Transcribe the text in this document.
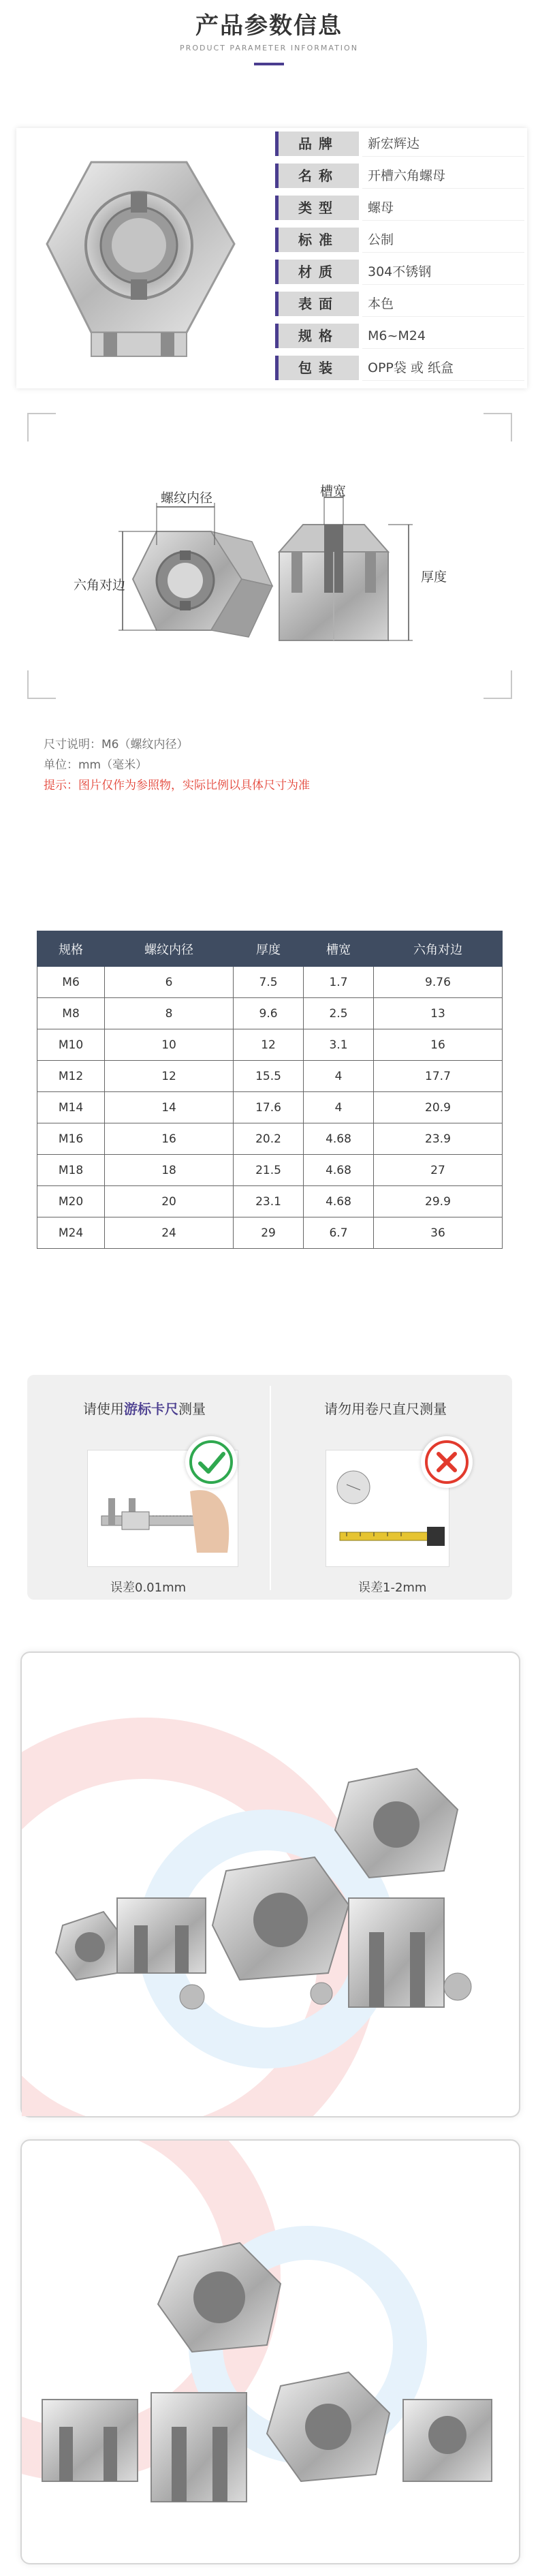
产品参数信息
PRODUCT PARAMETER INFORMATION
品牌	新宏辉达
名称	开槽六角螺母
类型	螺母
标准	公制
材质	304不锈钢
表面	本色
规格	M6~M24
包装	OPP袋 或 纸盒
螺纹内径	槽宽
六角对边
厚度
尺寸说明：M6（螺纹内径）
单位：mm（毫米）
提示：图片仅作为参照物，实际比例以具体尺寸为准
规格	螺纹内径	厚度	槽宽	六角对边
M6	6	7.5	1.7	9.76
M8	8	9.6	2.5	13
M10	10	12	3.1	16
M12	12	15.5	4	17.7
M14	14	17.6	4	20.9
M16	16	20.2	4.68	23.9
M18	18	21.5	4.68	27
M20	20	23.1	4.68	29.9
M24	24	29	6.7	36
请使用游标卡尺测量	请勿用卷尺直尺测量
误差0.01mm	误差1-2mm
